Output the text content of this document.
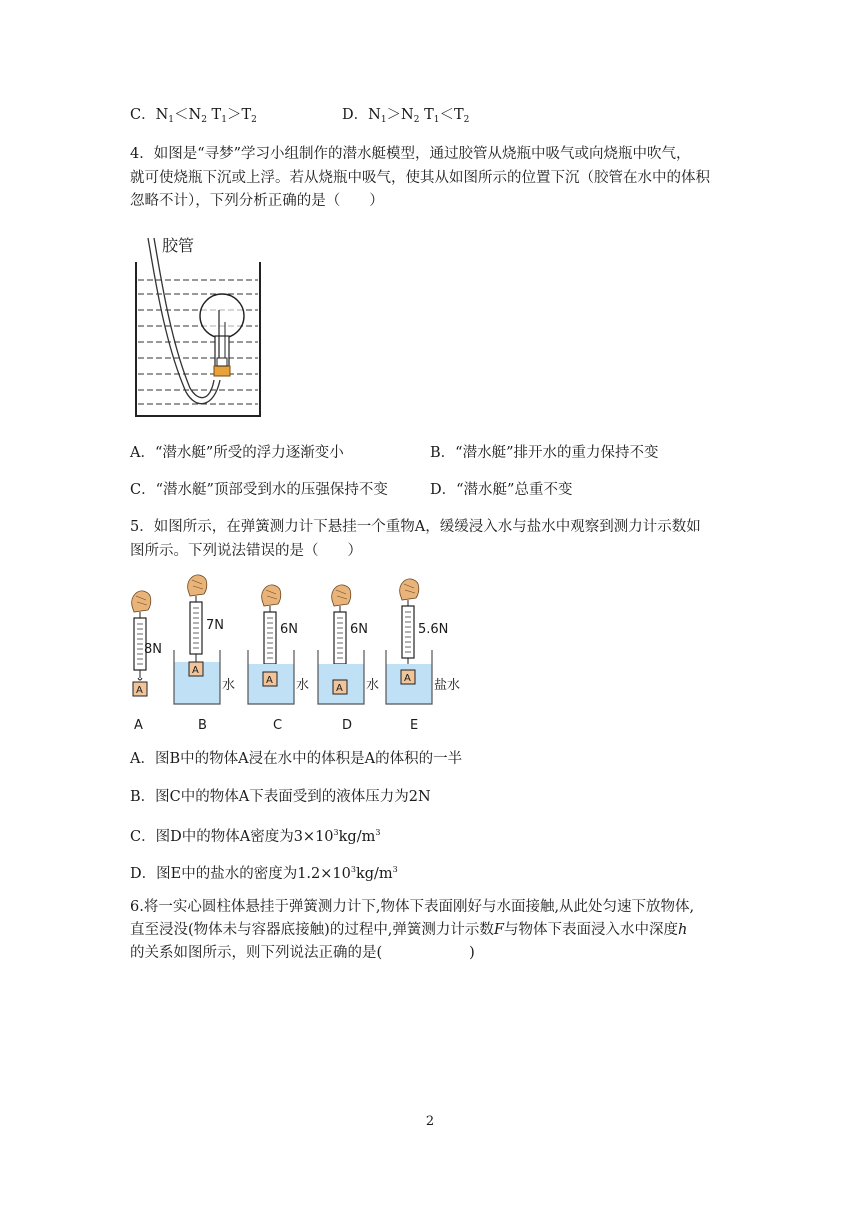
C．$N_1<N_2$ $T_1>T_2$	D．$N_1>N_2$ $T_1<T_2$
4．如图是“寻梦”学习小组制作的潜水艇模型，通过胶管从烧瓶中吸气或向烧瓶中吹气，
就可使烧瓶下沉或上浮。若从烧瓶中吸气，使其从如图所示的位置下沉（胶管在水中的体积
忽略不计），下列分析正确的是（　　）
胶管
A．“潜水艇”所受的浮力逐渐变小	B．“潜水艇”排开水的重力保持不变
C．“潜水艇”顶部受到水的压强保持不变	D．“潜水艇”总重不变
5．如图所示，在弹簧测力计下悬挂一个重物A，缓缓浸入水与盐水中观察到测力计示数如
图所示。下列说法错误的是（　　）
8N
7N	6N	6N	5.6N
A
A
A
A
A
水	水	水	盐水
A	B	C	D	E
A．图B中的物体A浸在水中的体积是A的体积的一半
B．图C中的物体A下表面受到的液体压力为2N
C．图D中的物体A密度为$3\times 10^3kg/m^3$
D．图E中的盐水的密度为$1.2\times 10^3kg/m^3$
6.将一实心圆柱体悬挂于弹簧测力计下,物体下表面刚好与水面接触,从此处匀速下放物体,
直至浸没(物体未与容器底接触)的过程中,弹簧测力计示数F与物体下表面浸入水中深度h
的关系如图所示，则下列说法正确的是(　　　　　　)
2
